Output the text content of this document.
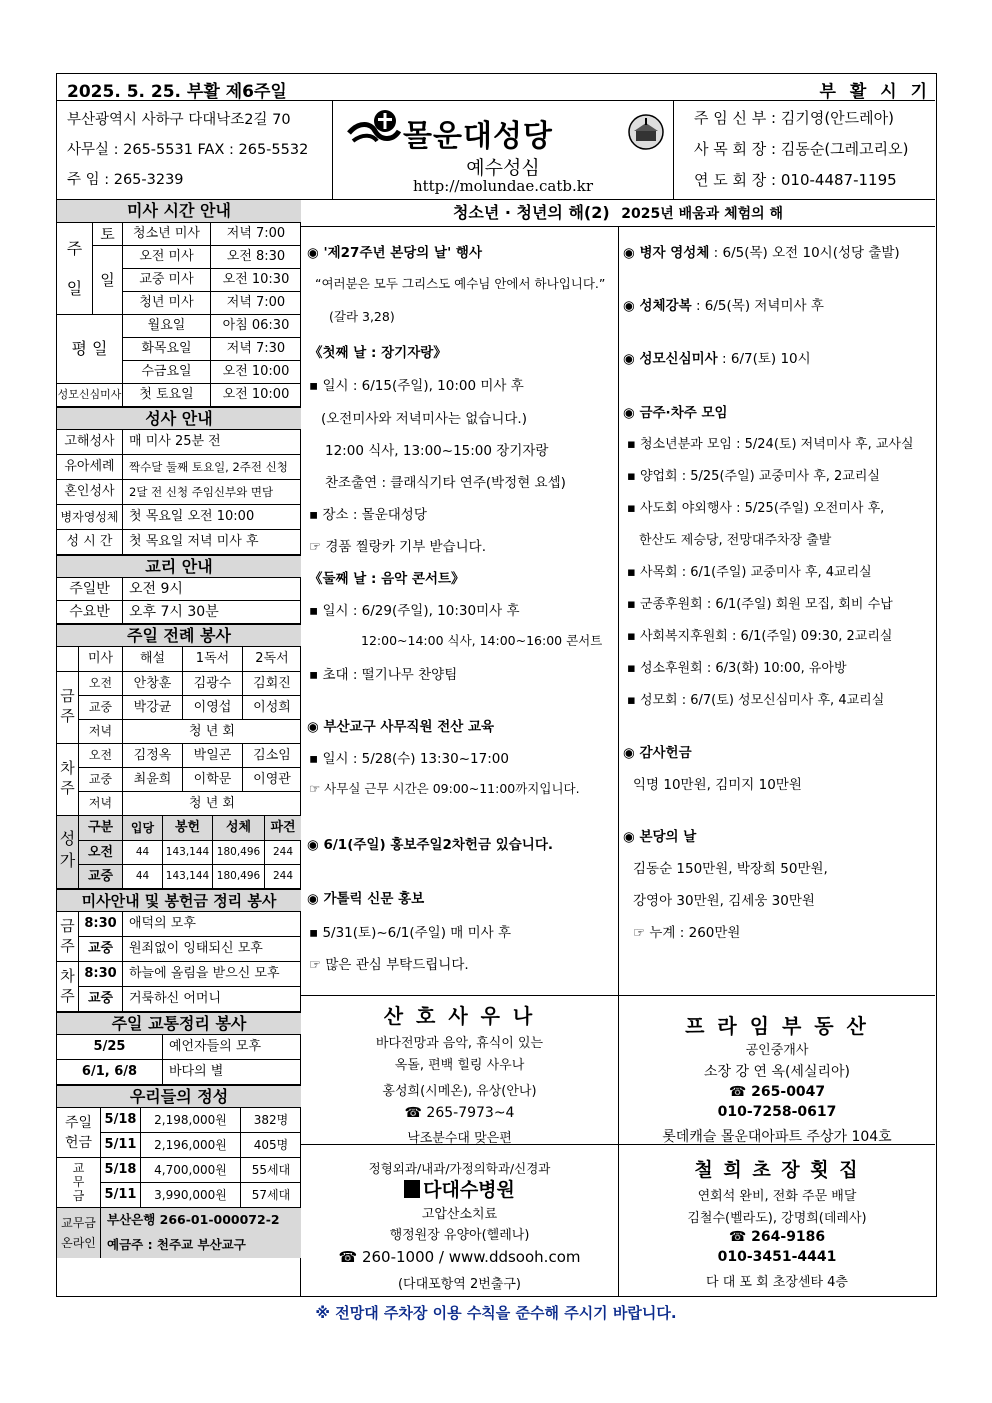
2025. 5. 25. 부활 제6주일	부 활 시 기
부산광역시 사하구 다대낙조2길 70
사무실 : 265-5531 FAX : 265-5532
주 임 : 265-3239
몰운대성당
예수성심
http://molundae.catb.kr
주 임 신 부 : 김기영(안드레아)
사 목 회 장 : 김동순(그레고리오)
연 도 회 장 : 010-4487-1195
미사 시간 안내
주

일
토
일
청소년 미사	저녁 7:00
오전 미사	오전 8:30
교중 미사	오전 10:30
청년 미사	저녁 7:00
평 일
월요일	아침 06:30
화목요일	저녁 7:30
수금요일	오전 10:00
성모신심미사	첫 토요일	오전 10:00
성사 안내
고해성사	매 미사 25분 전
유아세례	짝수달 둘째 토요일, 2주전 신청
혼인성사	2달 전 신청 주임신부와 면담
병자영성체 첫 목요일 오전 10:00
성 시 간	첫 목요일 저녁 미사 후
교리 안내
주일반	오전 9시
수요반	오후 7시 30분
주일 전례 봉사
미사	해설	1독서	2독서
금
주
오전	안창훈	김광수	김회진
교중	박강균	이영섭	이성희
저녁	청 년 회
차
주
오전	김정옥	박일곤	김소임
교중	최윤희	이학문	이영관
저녁	청 년 회
성
가
구분	입당	봉헌	성체	파견
오전	44	143,144 180,496	244
교중	44	143,144 180,496	244
미사안내 및 봉헌금 정리 봉사
금
주
8:30 애덕의 모후
교중	원죄없이 잉태되신 모후
차
주
8:30 하늘에 올림을 받으신 모후
교중	거룩하신 어머니
주일 교통정리 봉사
5/25	예언자들의 모후
6/1, 6/8	바다의 별
우리들의 정성
주일
헌금
5/18	2,198,000원	382명
5/11	2,196,000원	405명
교
무
금
5/18	4,700,000원	55세대
5/11	3,990,000원	57세대
교무금
온라인
부산은행 266-01-000072-2
예금주 : 천주교 부산교구
청소년 · 청년의 해(2) 2025년 배움과 체험의 해
◉ '제27주년 본당의 날' 행사
“여러분은 모두 그리스도 예수님 안에서 하나입니다.”
(갈라 3,28)
《첫째 날 : 장기자랑》
▪ 일시 : 6/15(주일), 10:00 미사 후
(오전미사와 저녁미사는 없습니다.)
12:00 식사, 13:00~15:00 장기자랑
찬조출연 : 클래식기타 연주(박정현 요셉)
▪ 장소 : 몰운대성당
☞ 경품 찔랑카 기부 받습니다.
《둘째 날 : 음악 콘서트》
▪ 일시 : 6/29(주일), 10:30미사 후
12:00~14:00 식사, 14:00~16:00 콘서트
▪ 초대 : 떨기나무 찬양팀
◉ 부산교구 사무직원 전산 교육
▪ 일시 : 5/28(수) 13:30~17:00
☞ 사무실 근무 시간은 09:00~11:00까지입니다.
◉ 6/1(주일) 홍보주일2차헌금 있습니다.
◉ 가톨릭 신문 홍보
▪ 5/31(토)~6/1(주일) 매 미사 후
☞ 많은 관심 부탁드립니다.
◉ 병자 영성체 : 6/5(목) 오전 10시(성당 출발)
◉ 성체강복 : 6/5(목) 저녁미사 후
◉ 성모신심미사 : 6/7(토) 10시
◉ 금주·차주 모임
▪ 청소년분과 모임 : 5/24(토) 저녁미사 후, 교사실
▪ 양업회 : 5/25(주일) 교중미사 후, 2교리실
▪ 사도회 야외행사 : 5/25(주일) 오전미사 후,
한산도 제승당, 전망대주차장 출발
▪ 사목회 : 6/1(주일) 교중미사 후, 4교리실
▪ 군종후원회 : 6/1(주일) 회원 모집, 회비 수납
▪ 사회복지후원회 : 6/1(주일) 09:30, 2교리실
▪ 성소후원회 : 6/3(화) 10:00, 유아방
▪ 성모회 : 6/7(토) 성모신심미사 후, 4교리실
◉ 감사헌금
익명 10만원, 김미지 10만원
◉ 본당의 날
김동순 150만원, 박장희 50만원,
강영아 30만원, 김세웅 30만원
☞ 누계 : 260만원
산 호 사 우 나
바다전망과 음악, 휴식이 있는
옥돌, 편백 힐링 사우나
홍성희(시메온), 유상(안나)
☎ 265-7973~4
낙조분수대 맞은편
프 라 임 부 동 산
공인중개사
소장 강 연 옥(세실리아)
☎ 265-0047
010-7258-0617
롯데캐슬 몰운대아파트 주상가 104호
정형외과/내과/가정의학과/신경과
다대수병원
고압산소치료
행정원장 유양아(헬레나)
☎ 260-1000 / www.ddsooh.com
(다대포항역 2번출구)
철 희 초 장 횟 집
연회석 완비, 전화 주문 배달
김철수(벨라도), 강명희(데레사)
☎ 264-9186
010-3451-4441
다 대 포 회 초장센타 4층
※ 전망대 주차장 이용 수칙을 준수해 주시기 바랍니다.
